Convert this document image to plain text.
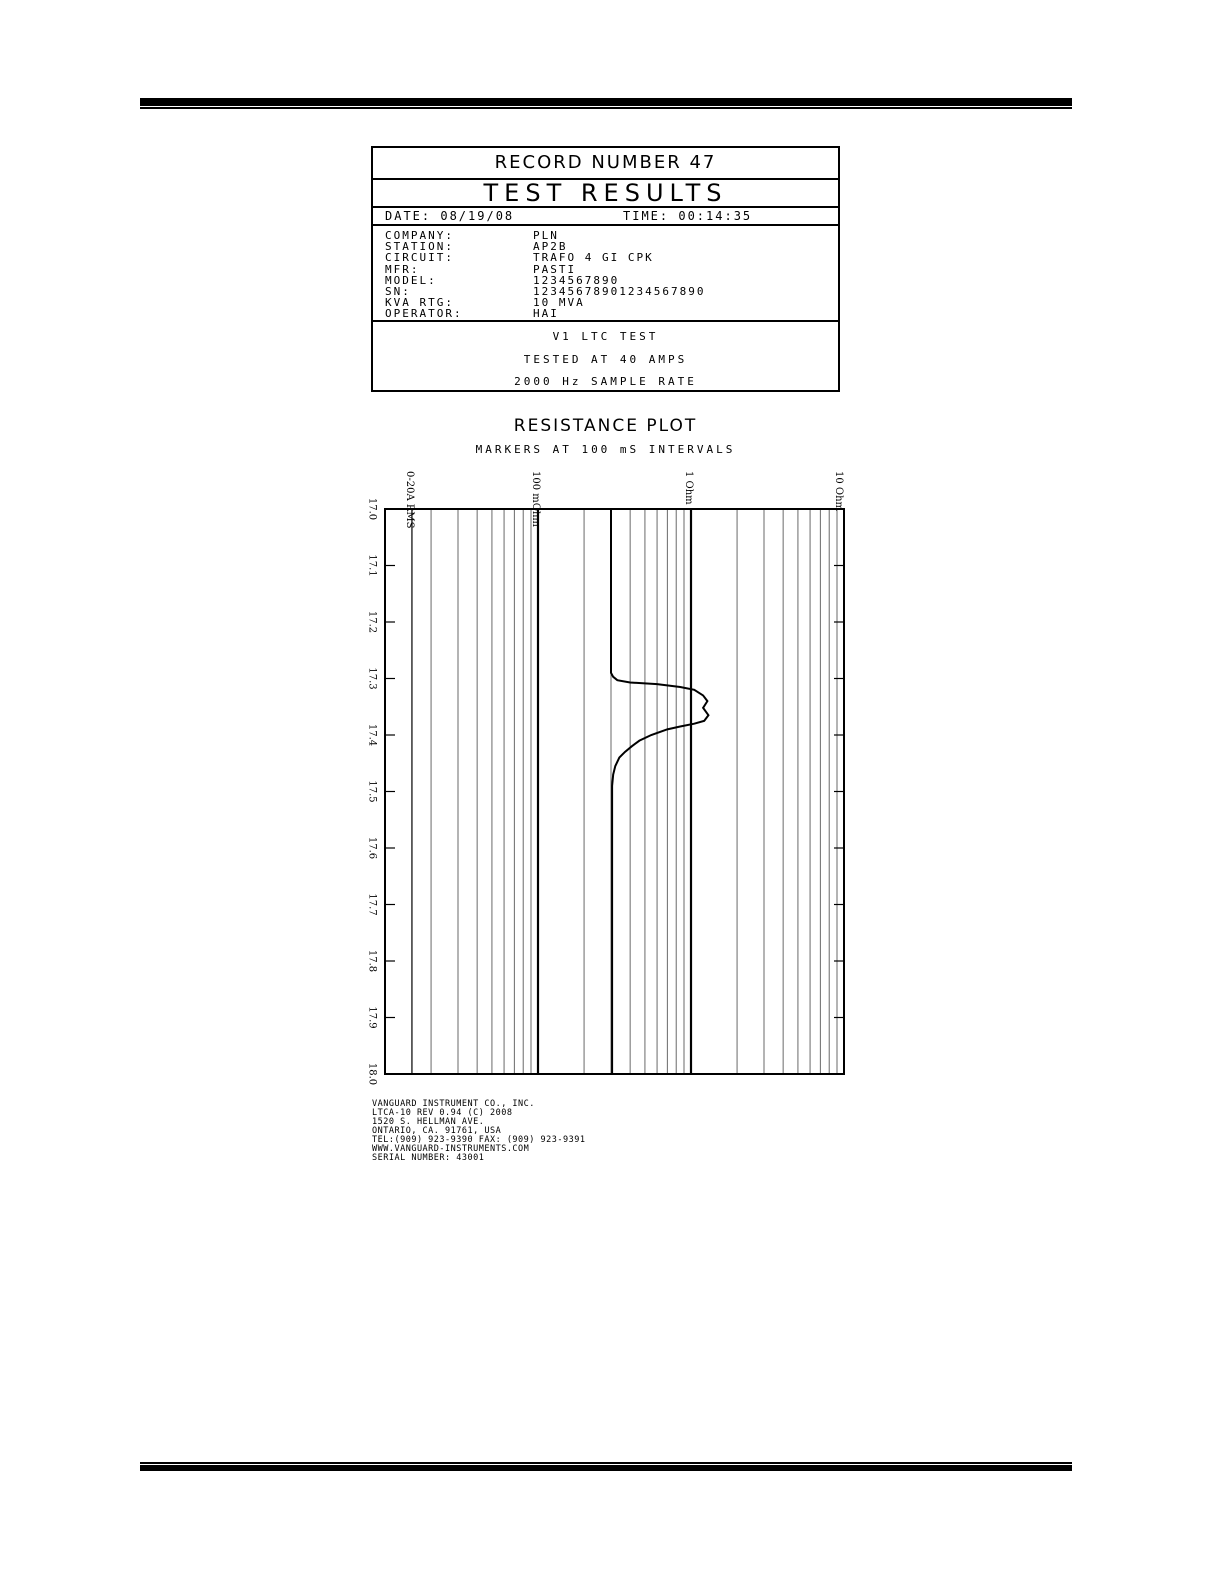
RECORD NUMBER 47
TEST RESULTS
DATE: 08/19/08	TIME: 00:14:35
COMPANY:	PLN
STATION:	AP2B
CIRCUIT:	TRAFO 4 GI CPK
MFR:	PASTI
MODEL:	1234567890
SN:	12345678901234567890
KVA RTG:	10 MVA
OPERATOR:	HAI
V1 LTC TEST
TESTED AT 40 AMPS
2000 Hz SAMPLE RATE
RESISTANCE PLOT
MARKERS AT 100 mS INTERVALS
0-20A RMS	100 mOhm	1 Ohm	10 Ohm
17.0
17.1
17.2
17.3
17.4
17.5
17.6
17.7
17.8
17.9
18.0
VANGUARD INSTRUMENT CO., INC.
LTCA-10 REV 0.94 (C) 2008
1520 S. HELLMAN AVE.
ONTARIO, CA. 91761, USA
TEL:(909) 923-9390 FAX: (909) 923-9391
WWW.VANGUARD-INSTRUMENTS.COM
SERIAL NUMBER: 43001
